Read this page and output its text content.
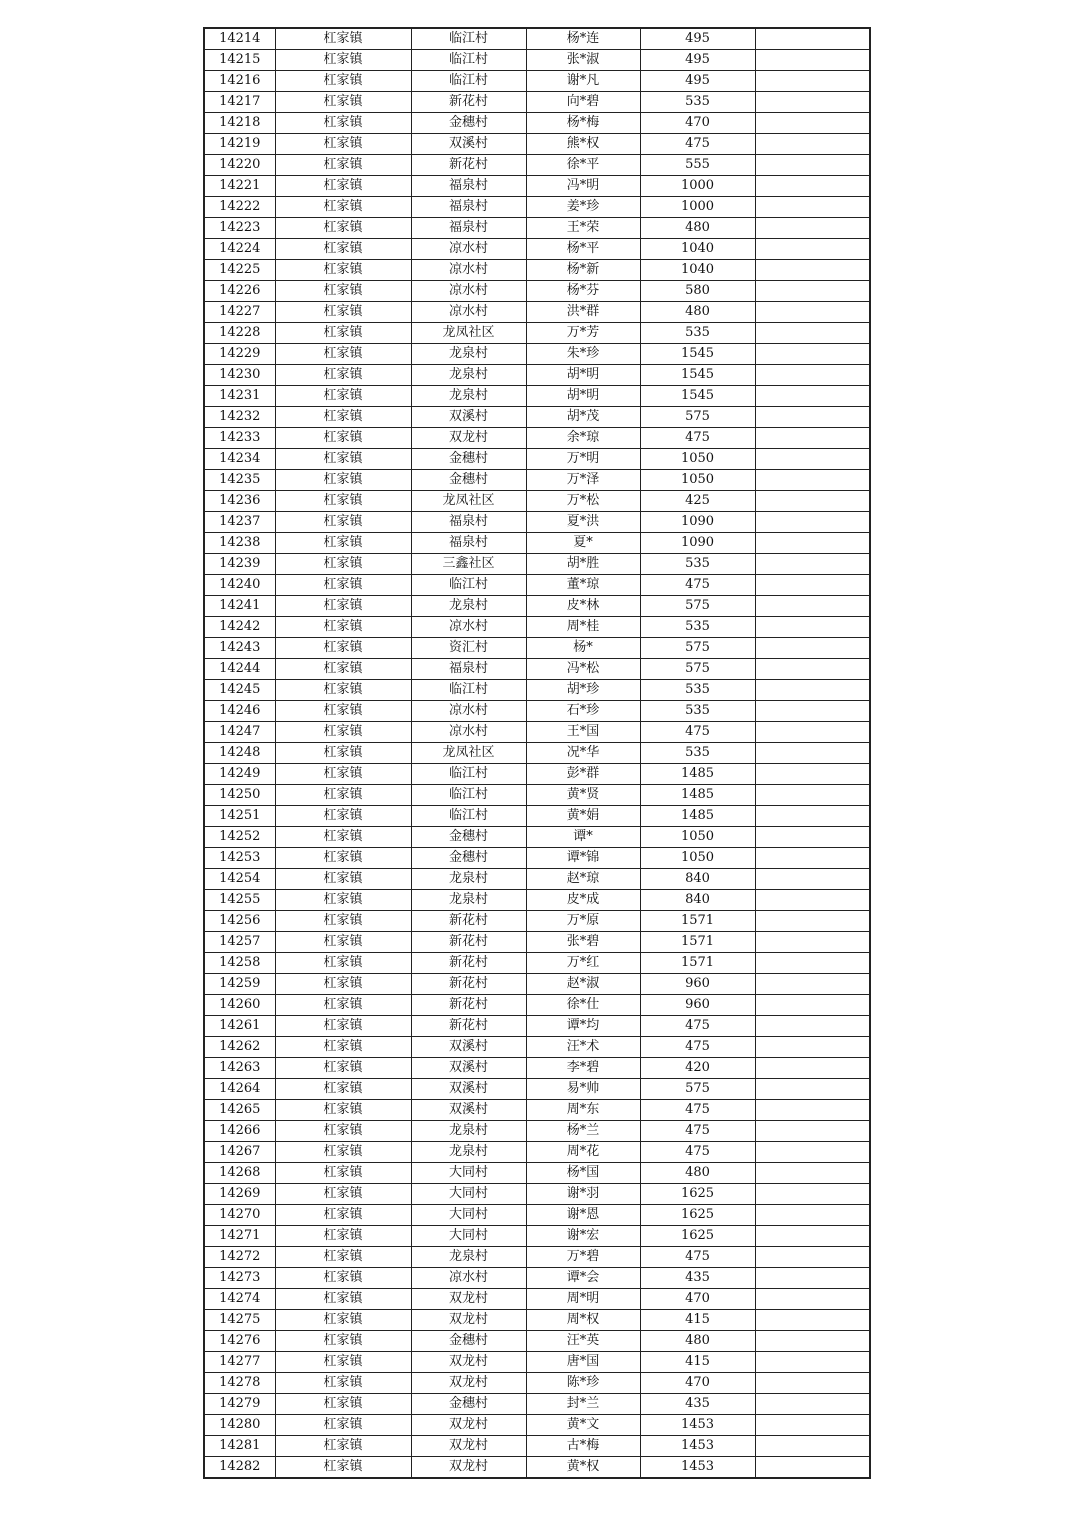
14214	杠家镇	临江村	杨*连	495	
14215	杠家镇	临江村	张*淑	495	
14216	杠家镇	临江村	谢*凡	495	
14217	杠家镇	新花村	向*碧	535	
14218	杠家镇	金穗村	杨*梅	470	
14219	杠家镇	双溪村	熊*权	475	
14220	杠家镇	新花村	徐*平	555	
14221	杠家镇	福泉村	冯*明	1000	
14222	杠家镇	福泉村	姜*珍	1000	
14223	杠家镇	福泉村	王*荣	480	
14224	杠家镇	凉水村	杨*平	1040	
14225	杠家镇	凉水村	杨*新	1040	
14226	杠家镇	凉水村	杨*芬	580	
14227	杠家镇	凉水村	洪*群	480	
14228	杠家镇	龙凤社区	万*芳	535	
14229	杠家镇	龙泉村	朱*珍	1545	
14230	杠家镇	龙泉村	胡*明	1545	
14231	杠家镇	龙泉村	胡*明	1545	
14232	杠家镇	双溪村	胡*茂	575	
14233	杠家镇	双龙村	余*琼	475	
14234	杠家镇	金穗村	万*明	1050	
14235	杠家镇	金穗村	万*泽	1050	
14236	杠家镇	龙凤社区	万*松	425	
14237	杠家镇	福泉村	夏*洪	1090	
14238	杠家镇	福泉村	夏*	1090	
14239	杠家镇	三鑫社区	胡*胜	535	
14240	杠家镇	临江村	董*琼	475	
14241	杠家镇	龙泉村	皮*林	575	
14242	杠家镇	凉水村	周*桂	535	
14243	杠家镇	资汇村	杨*	575	
14244	杠家镇	福泉村	冯*松	575	
14245	杠家镇	临江村	胡*珍	535	
14246	杠家镇	凉水村	石*珍	535	
14247	杠家镇	凉水村	王*国	475	
14248	杠家镇	龙凤社区	况*华	535	
14249	杠家镇	临江村	彭*群	1485	
14250	杠家镇	临江村	黄*贤	1485	
14251	杠家镇	临江村	黄*娟	1485	
14252	杠家镇	金穗村	谭*	1050	
14253	杠家镇	金穗村	谭*锦	1050	
14254	杠家镇	龙泉村	赵*琼	840	
14255	杠家镇	龙泉村	皮*成	840	
14256	杠家镇	新花村	万*原	1571	
14257	杠家镇	新花村	张*碧	1571	
14258	杠家镇	新花村	万*红	1571	
14259	杠家镇	新花村	赵*淑	960	
14260	杠家镇	新花村	徐*仕	960	
14261	杠家镇	新花村	谭*均	475	
14262	杠家镇	双溪村	汪*术	475	
14263	杠家镇	双溪村	李*碧	420	
14264	杠家镇	双溪村	易*帅	575	
14265	杠家镇	双溪村	周*东	475	
14266	杠家镇	龙泉村	杨*兰	475	
14267	杠家镇	龙泉村	周*花	475	
14268	杠家镇	大同村	杨*国	480	
14269	杠家镇	大同村	谢*羽	1625	
14270	杠家镇	大同村	谢*恩	1625	
14271	杠家镇	大同村	谢*宏	1625	
14272	杠家镇	龙泉村	万*碧	475	
14273	杠家镇	凉水村	谭*会	435	
14274	杠家镇	双龙村	周*明	470	
14275	杠家镇	双龙村	周*权	415	
14276	杠家镇	金穗村	汪*英	480	
14277	杠家镇	双龙村	唐*国	415	
14278	杠家镇	双龙村	陈*珍	470	
14279	杠家镇	金穗村	封*兰	435	
14280	杠家镇	双龙村	黄*文	1453	
14281	杠家镇	双龙村	古*梅	1453	
14282	杠家镇	双龙村	黄*权	1453	
